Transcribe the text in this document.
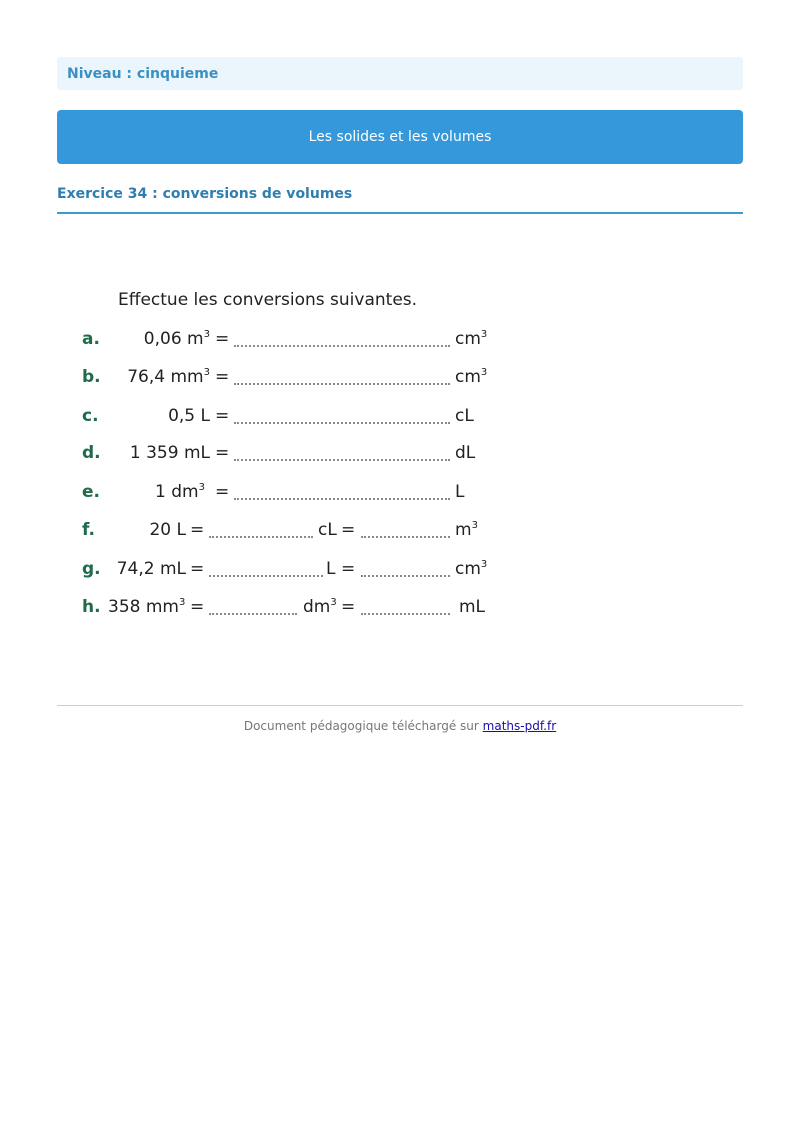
Niveau : cinquieme
Les solides et les volumes
Exercice 34 : conversions de volumes
Effectue les conversions suivantes.
a.	0,06 $m^3$ =	$cm^3$
b.	76,4 $mm^3$ =	$cm^3$
c.	0,5 L =	cL
d.	1 359 mL =	dL
e.	1 $dm^3$ =	L
f.	20 L =	cL =	$m^3$
g. 74,2 mL =	L =	$cm^3$
h. 358 $mm^3$ =	$dm^3$ =	mL
Document pédagogique téléchargé sur maths-pdf.fr
